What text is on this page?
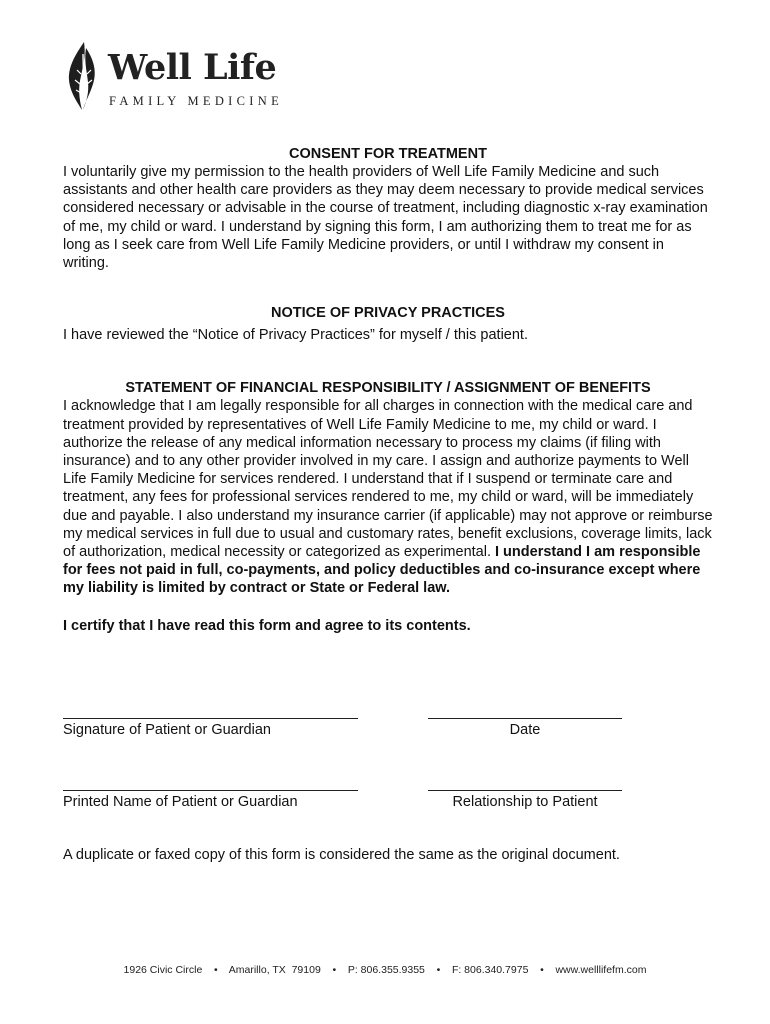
Well Life
FAMILY MEDICINE
CONSENT FOR TREATMENT

I voluntarily give my permission to the health providers of Well Life Family Medicine and such assistants and other health care providers as they may deem necessary to provide medical services considered necessary or advisable in the course of treatment, including diagnostic x-ray examination of me, my child or ward. I understand by signing this form, I am authorizing them to treat me for as long as I seek care from Well Life Family Medicine providers, or until I withdraw my consent in writing.

NOTICE OF PRIVACY PRACTICES

I have reviewed the “Notice of Privacy Practices” for myself / this patient.

STATEMENT OF FINANCIAL RESPONSIBILITY / ASSIGNMENT OF BENEFITS

I acknowledge that I am legally responsible for all charges in connection with the medical care and treatment provided by representatives of Well Life Family Medicine to me, my child or ward. I authorize the release of any medical information necessary to process my claims (if filing with insurance) and to any other provider involved in my care. I assign and authorize payments to Well Life Family Medicine for services rendered. I understand that if I suspend or terminate care and treatment, any fees for professional services rendered to me, my child or ward, will be immediately due and payable. I also understand my insurance carrier (if applicable) may not approve or reimburse my medical services in full due to usual and customary rates, benefit exclusions, coverage limits, lack of authorization, medical necessity or categorized as experimental. I understand I am responsible for fees not paid in full, co-payments, and policy deductibles and co-insurance except where my liability is limited by contract or State or Federal law.

I certify that I have read this form and agree to its contents.

Signature of Patient or Guardian	Date
Printed Name of Patient or Guardian	Relationship to Patient
A duplicate or faxed copy of this form is considered the same as the original document.
1926 Civic Circle • Amarillo, TX  79109 • P: 806.355.9355 • F: 806.340.7975 • www.welllifefm.com
